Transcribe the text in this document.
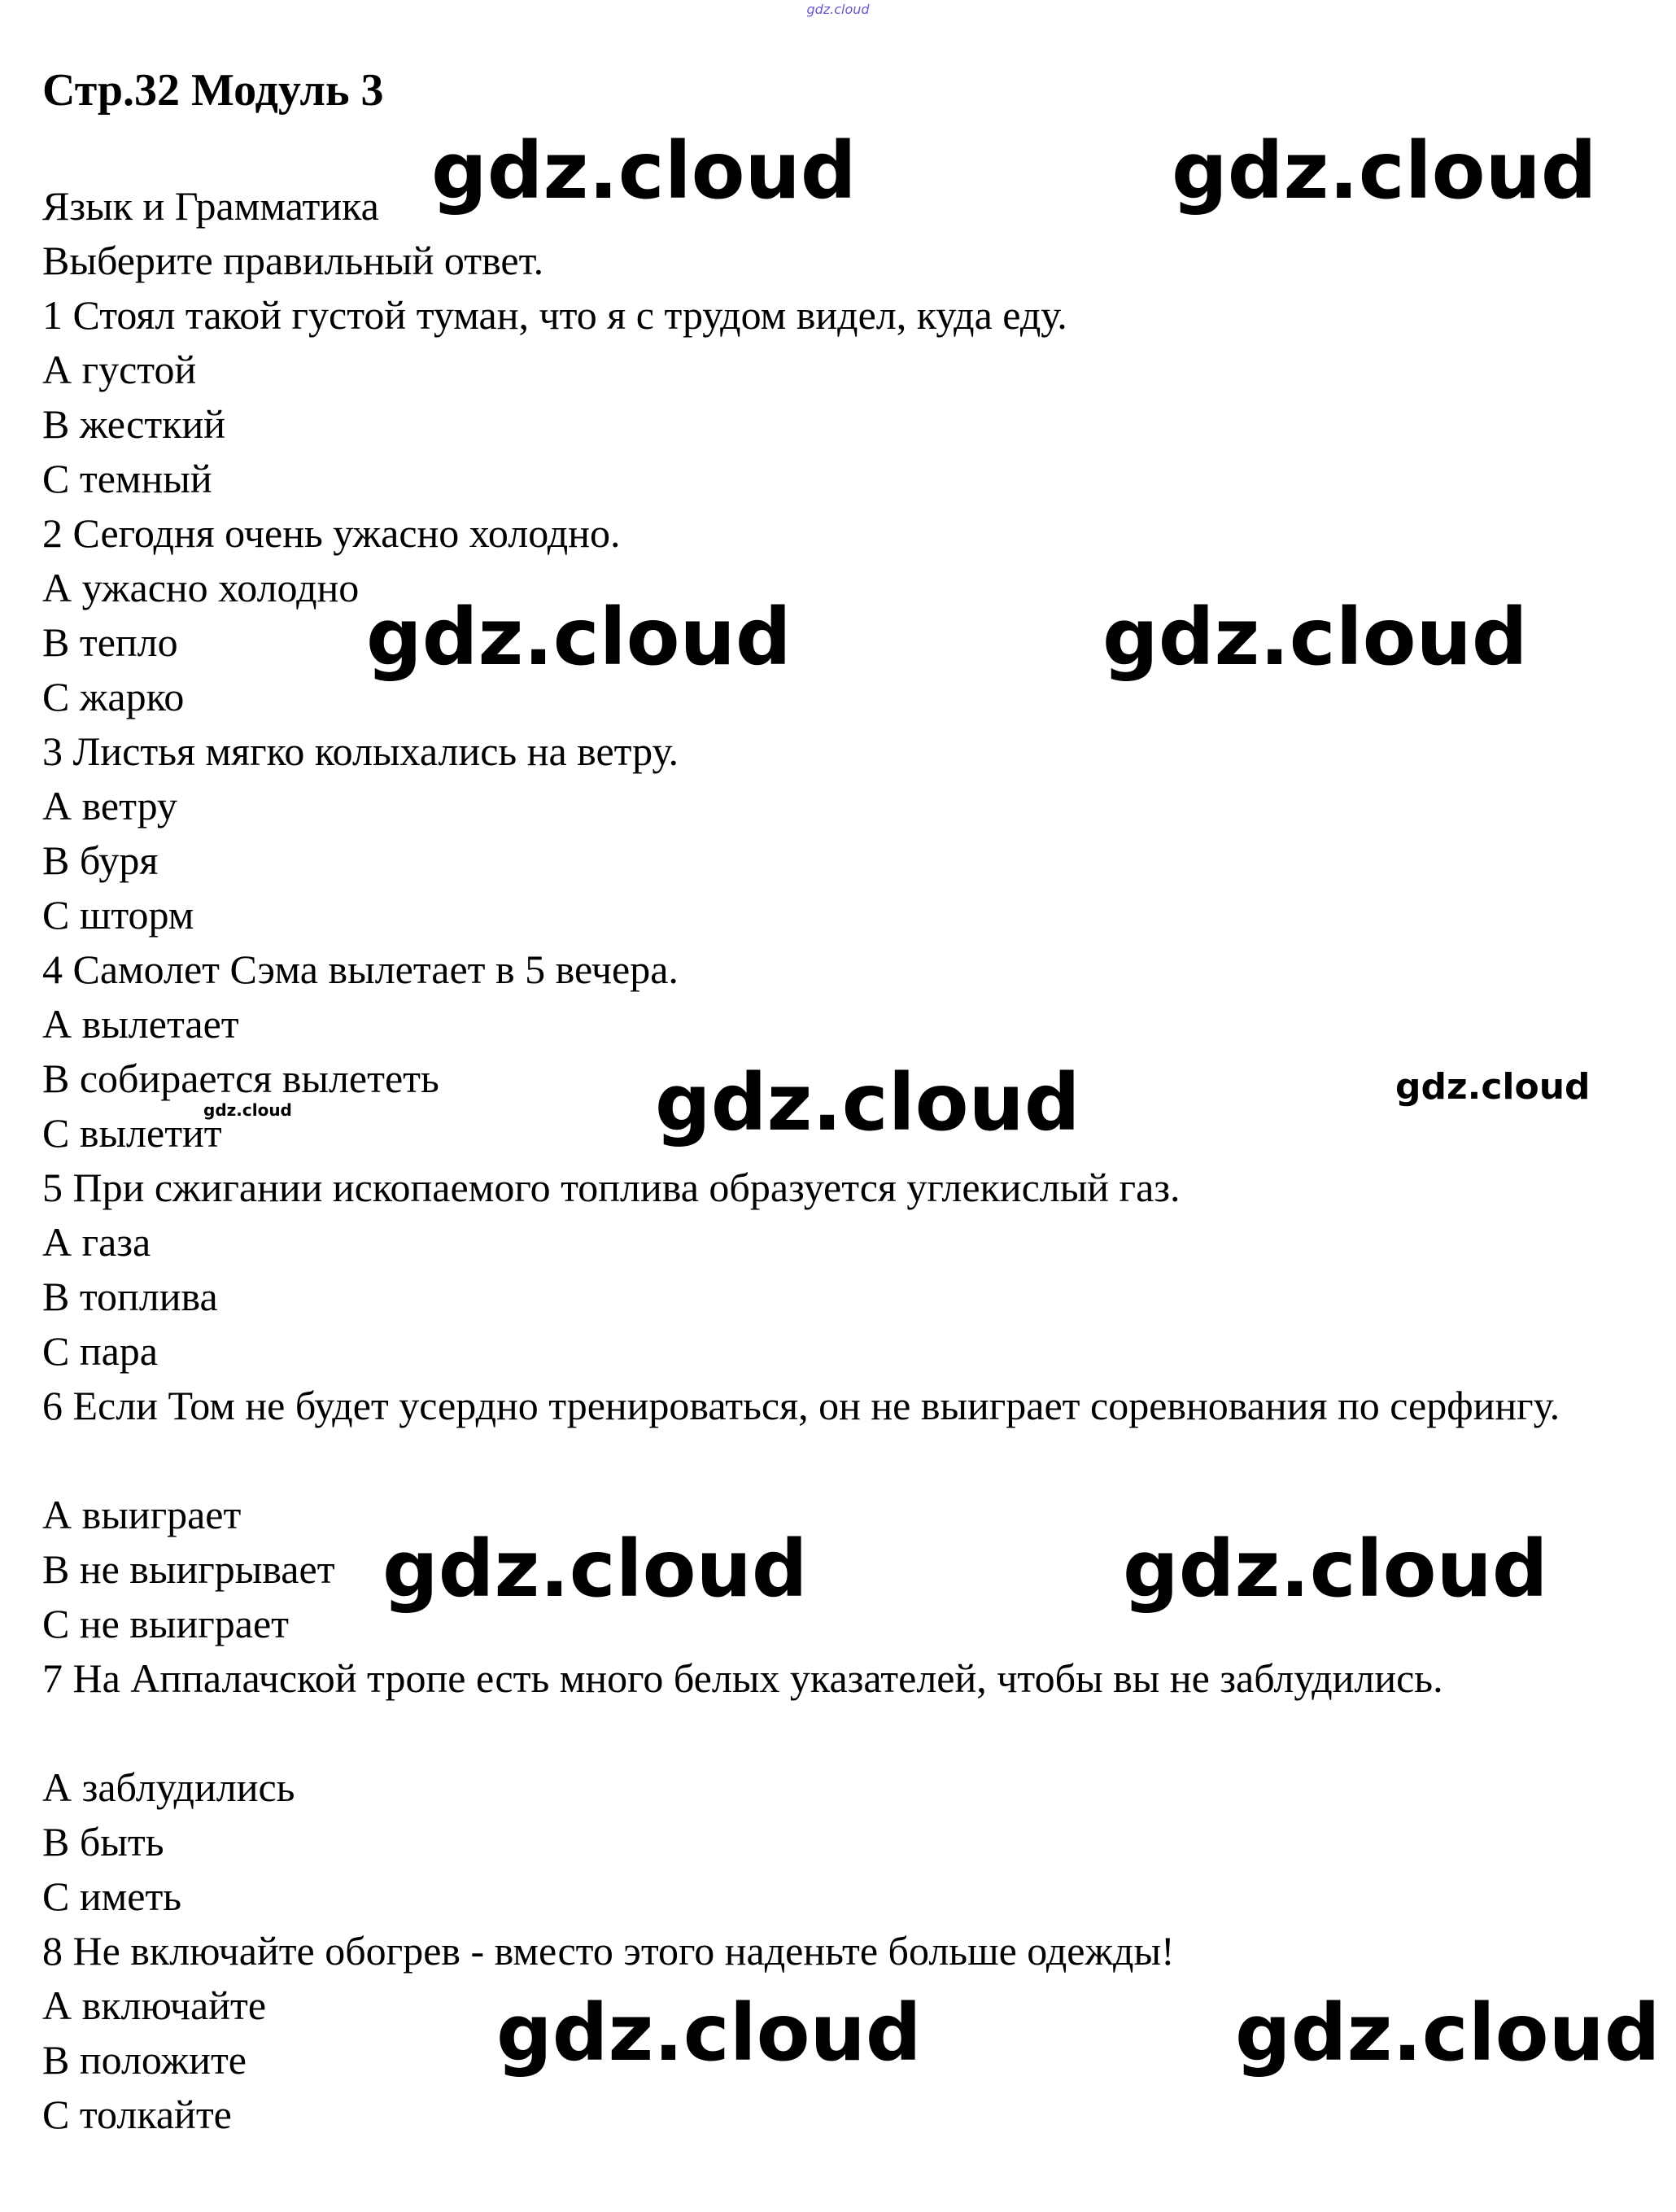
gdz.cloud
Стр.32 Модуль 3
Язык и Грамматика
Выберите правильный ответ.
1 Стоял такой густой туман, что я с трудом видел, куда еду.
А густой
В жесткий
С темный
2 Сегодня очень ужасно холодно.
А ужасно холодно
В тепло
С жарко
3 Листья мягко колыхались на ветру.
А ветру
В буря
С шторм
4 Самолет Сэма вылетает в 5 вечера.
А вылетает
В собирается вылететь
С вылетит
5 При сжигании ископаемого топлива образуется углекислый газ.
А газа
В топлива
С пара
6 Если Том не будет усердно тренироваться, он не выиграет соревнования по серфингу.
А выиграет
В не выигрывает
С не выиграет
7 На Аппалачской тропе есть много белых указателей, чтобы вы не заблудились.
А заблудились
В быть
С иметь
8 Не включайте обогрев - вместо этого наденьте больше одежды!
А включайте
В положите
С толкайте
gdz.cloud	gdz.cloud
gdz.cloud	gdz.cloud
gdz.cloud	gdz.cloud
gdz.cloud
gdz.cloud	gdz.cloud
gdz.cloud	gdz.cloud
